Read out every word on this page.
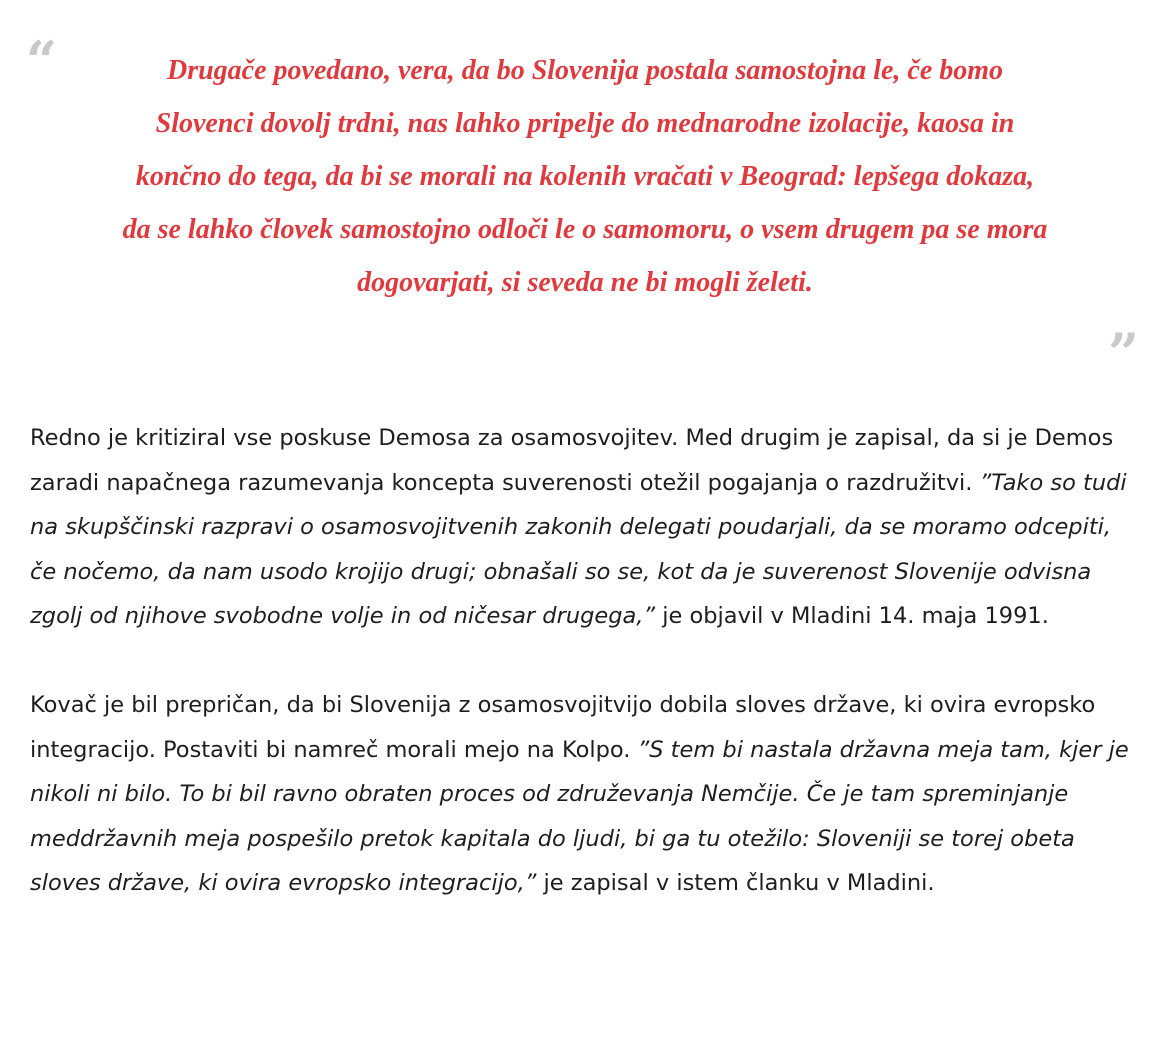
“	Drugače povedano, vera, da bo Slovenija postala samostojna le, če bomo Slovenci dovolj trdni, nas lahko pripelje do mednarodne izolacije, kaosa in končno do tega, da bi se morali na kolenih vračati v Beograd: lepšega dokaza, da se lahko človek samostojno odloči le o samomoru, o vsem drugem pa se mora dogovarjati, si seveda ne bi mogli želeti.

”

Redno je kritiziral vse poskuse Demosa za osamosvojitev. Med drugim je zapisal, da si je Demos zaradi napačnega razumevanja koncepta suverenosti otežil pogajanja o razdružitvi. ”Tako so tudi na skupščinski razpravi o osamosvojitvenih zakonih delegati poudarjali, da se moramo odcepiti, če nočemo, da nam usodo krojijo drugi; obnašali so se, kot da je suverenost Slovenije odvisna zgolj od njihove svobodne volje in od ničesar drugega,” je objavil v Mladini 14. maja 1991.

Kovač je bil prepričan, da bi Slovenija z osamosvojitvijo dobila sloves države, ki ovira evropsko integracijo. Postaviti bi namreč morali mejo na Kolpo. ”S tem bi nastala državna meja tam, kjer je nikoli ni bilo. To bi bil ravno obraten proces od združevanja Nemčije. Če je tam spreminjanje meddržavnih meja pospešilo pretok kapitala do ljudi, bi ga tu otežilo: Sloveniji se torej obeta sloves države, ki ovira evropsko integracijo,” je zapisal v istem članku v Mladini.
